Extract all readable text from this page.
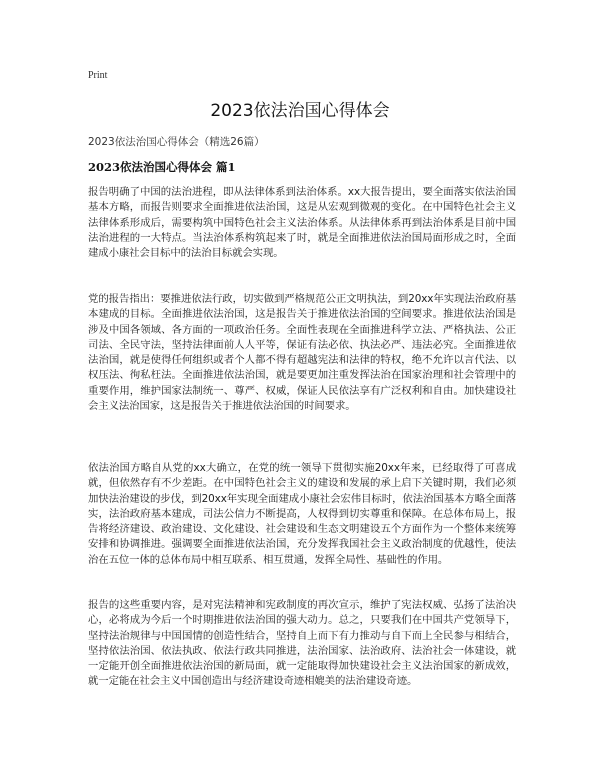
Print
2023依法治国心得体会
2023依法治国心得体会（精选26篇）
2023依法治国心得体会 篇1

报告明确了中国的法治进程，即从法律体系到法治体系。xx大报告提出，要全面落实依法治国基本方略，而报告则要求全面推进依法治国，这是从宏观到微观的变化。在中国特色社会主义法律体系形成后，需要构筑中国特色社会主义法治体系。从法律体系再到法治体系是目前中国法治进程的一大特点。当法治体系构筑起来了时，就是全面推进依法治国局面形成之时，全面建成小康社会目标中的法治目标就会实现。

党的报告指出：要推进依法行政，切实做到严格规范公正文明执法，到20xx年实现法治政府基本建成的目标。全面推进依法治国，这是报告关于推进依法治国的空间要求。推进依法治国是涉及中国各领域、各方面的一项政治任务。全面性表现在全面推进科学立法、严格执法、公正司法、全民守法，坚持法律面前人人平等，保证有法必依、执法必严、违法必究。全面推进依法治国，就是使得任何组织或者个人都不得有超越宪法和法律的特权，绝不允许以言代法、以权压法、徇私枉法。全面推进依法治国，就是要更加注重发挥法治在国家治理和社会管理中的重要作用，维护国家法制统一、尊严、权威，保证人民依法享有广泛权利和自由。加快建设社会主义法治国家，这是报告关于推进依法治国的时间要求。

依法治国方略自从党的xx大确立，在党的统一领导下贯彻实施20xx年来，已经取得了可喜成就，但依然存有不少差距。在中国特色社会主义的建设和发展的承上启下关键时期，我们必须加快法治建设的步伐，到20xx年实现全面建成小康社会宏伟目标时，依法治国基本方略全面落实，法治政府基本建成，司法公信力不断提高，人权得到切实尊重和保障。在总体布局上，报告将经济建设、政治建设、文化建设、社会建设和生态文明建设五个方面作为一个整体来统筹安排和协调推进。强调要全面推进依法治国，充分发挥我国社会主义政治制度的优越性，使法治在五位一体的总体布局中相互联系、相互贯通，发挥全局性、基础性的作用。

报告的这些重要内容，是对宪法精神和宪政制度的再次宣示，维护了宪法权威、弘扬了法治决心，必将成为今后一个时期推进依法治国的强大动力。总之，只要我们在中国共产党领导下，坚持法治规律与中国国情的创造性结合，坚持自上而下有力推动与自下而上全民参与相结合，坚持依法治国、依法执政、依法行政共同推进，法治国家、法治政府、法治社会一体建设，就一定能开创全面推进依法治国的新局面，就一定能取得加快建设社会主义法治国家的新成效，就一定能在社会主义中国创造出与经济建设奇迹相媲美的法治建设奇迹。
